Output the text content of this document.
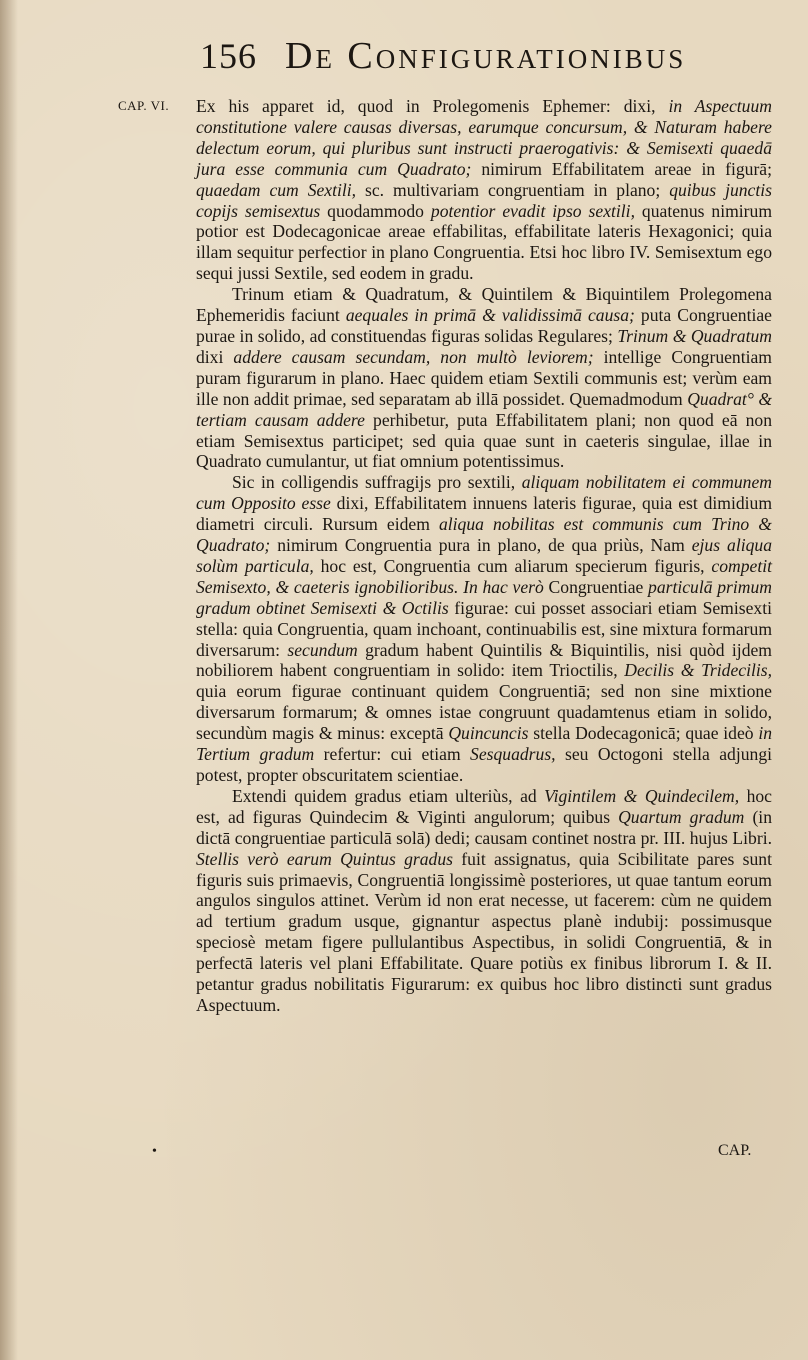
156 De Configurationibus
CAP. VI. Ex his apparet id, quod in Prolegomenis Ephemer: dixi, in Aspectuum constitutione valere causas diversas, earumque concursum, & Naturam habere delectum eorum, qui pluribus sunt instructi praerogativis: & Semisexti quaedā jura esse communia cum Quadrato; nimirum Effabilitatem areae in figurā; quaedam cum Sextili, sc. multivariam congruentiam in plano; quibus junctis copijs semisextus quodammodo potentior evadit ipso sextili, quatenus nimirum potior est Dodecagonicae areae effabilitas, effabilitate lateris Hexagonici; quia illam sequitur perfectior in plano Congruentia. Etsi hoc libro IV. Semisextum ego sequi jussi Sextile, sed eodem in gradu.

Trinum etiam & Quadratum, & Quintilem & Biquintilem Prolegomena Ephemeridis faciunt aequales in primā & validissimā causa; puta Congruentiae purae in solido, ad constituendas figuras solidas Regulares; Trinum & Quadratum dixi addere causam secundam, non multò leviorem; intellige Congruentiam puram figurarum in plano. Haec quidem etiam Sextili communis est; verùm eam ille non addit primae, sed separatam ab illā possidet. Quemadmodum Quadrat° & tertiam causam addere perhibetur, puta Effabilitatem plani; non quod eā non etiam Semisextus participet; sed quia quae sunt in caeteris singulae, illae in Quadrato cumulantur, ut fiat omnium potentissimus.

Sic in colligendis suffragijs pro sextili, aliquam nobilitatem ei communem cum Opposito esse dixi, Effabilitatem innuens lateris figurae, quia est dimidium diametri circuli. Rursum eidem aliqua nobilitas est communis cum Trino & Quadrato; nimirum Congruentia pura in plano, de qua priùs, Nam ejus aliqua solùm particula, hoc est, Congruentia cum aliarum specierum figuris, competit Semisexto, & caeteris ignobilioribus. In hac verò Congruentiae particulā primum gradum obtinet Semisexti & Octilis figurae: cui posset associari etiam Semisexti stella: quia Congruentia, quam inchoant, continuabilis est, sine mixtura formarum diversarum: secundum gradum habent Quintilis & Biquintilis, nisi quòd ijdem nobiliorem habent congruentiam in solido: item Trioctilis, Decilis & Tridecilis, quia eorum figurae continuant quidem Congruentiā; sed non sine mixtione diversarum formarum; & omnes istae congruunt quadamtenus etiam in solido, secundùm magis & minus: exceptā Quincuncis stella Dodecagonicā; quae ideò in Tertium gradum refertur: cui etiam Sesquadrus, seu Octogoni stella adjungi potest, propter obscuritatem scientiae.

Extendi quidem gradus etiam ulteriùs, ad Vigintilem & Quindecilem, hoc est, ad figuras Quindecim & Viginti angulorum; quibus Quartum gradum (in dictā congruentiae particulā solā) dedi; causam continet nostra pr. III. hujus Libri. Stellis verò earum Quintus gradus fuit assignatus, quia Scibilitate pares sunt figuris suis primaevis, Congruentiā longissimè posteriores, ut quae tantum eorum angulos singulos attinet. Verùm id non erat necesse, ut facerem: cùm ne quidem ad tertium gradum usque, gignantur aspectus planè indubij: possimusque speciosè metam figere pullulantibus Aspectibus, in solidi Congruentiā, & in perfectā lateris vel plani Effabilitate. Quare potiùs ex finibus librorum I. & II. petantur gradus nobilitatis Figurarum: ex quibus hoc libro distincti sunt gradus Aspectuum.

•	CAP.
